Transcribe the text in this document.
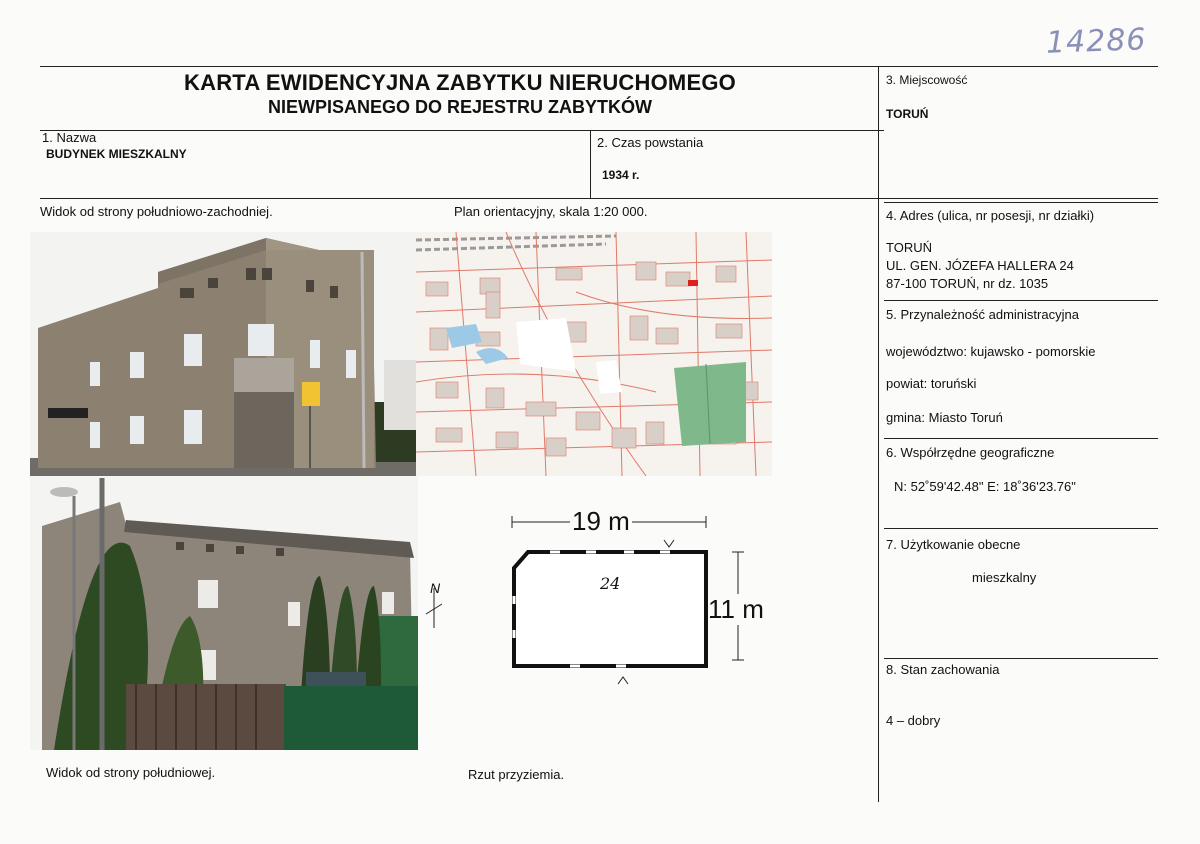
14286
KARTA EWIDENCYJNA ZABYTKU NIERUCHOMEGO
NIEWPISANEGO DO REJESTRU ZABYTKÓW
1. Nazwa
BUDYNEK MIESZKALNY
2. Czas powstania
1934 r.
3. Miejscowość
TORUŃ
4. Adres (ulica, nr posesji, nr działki)
TORUŃ
UL. GEN. JÓZEFA HALLERA 24
87-100 TORUŃ, nr dz. 1035
5. Przynależność administracyjna
województwo: kujawsko - pomorskie
powiat: toruński
gmina: Miasto Toruń
6. Współrzędne geograficzne
N: 52˚59'42.48" E: 18˚36'23.76"
7. Użytkowanie obecne
mieszkalny
8. Stan zachowania
4 – dobry
Widok od strony południowo-zachodniej.	Plan orientacyjny, skala 1:20 000.
Widok od strony południowej.	Rzut przyziemia.
19 m
11 m
24
N
